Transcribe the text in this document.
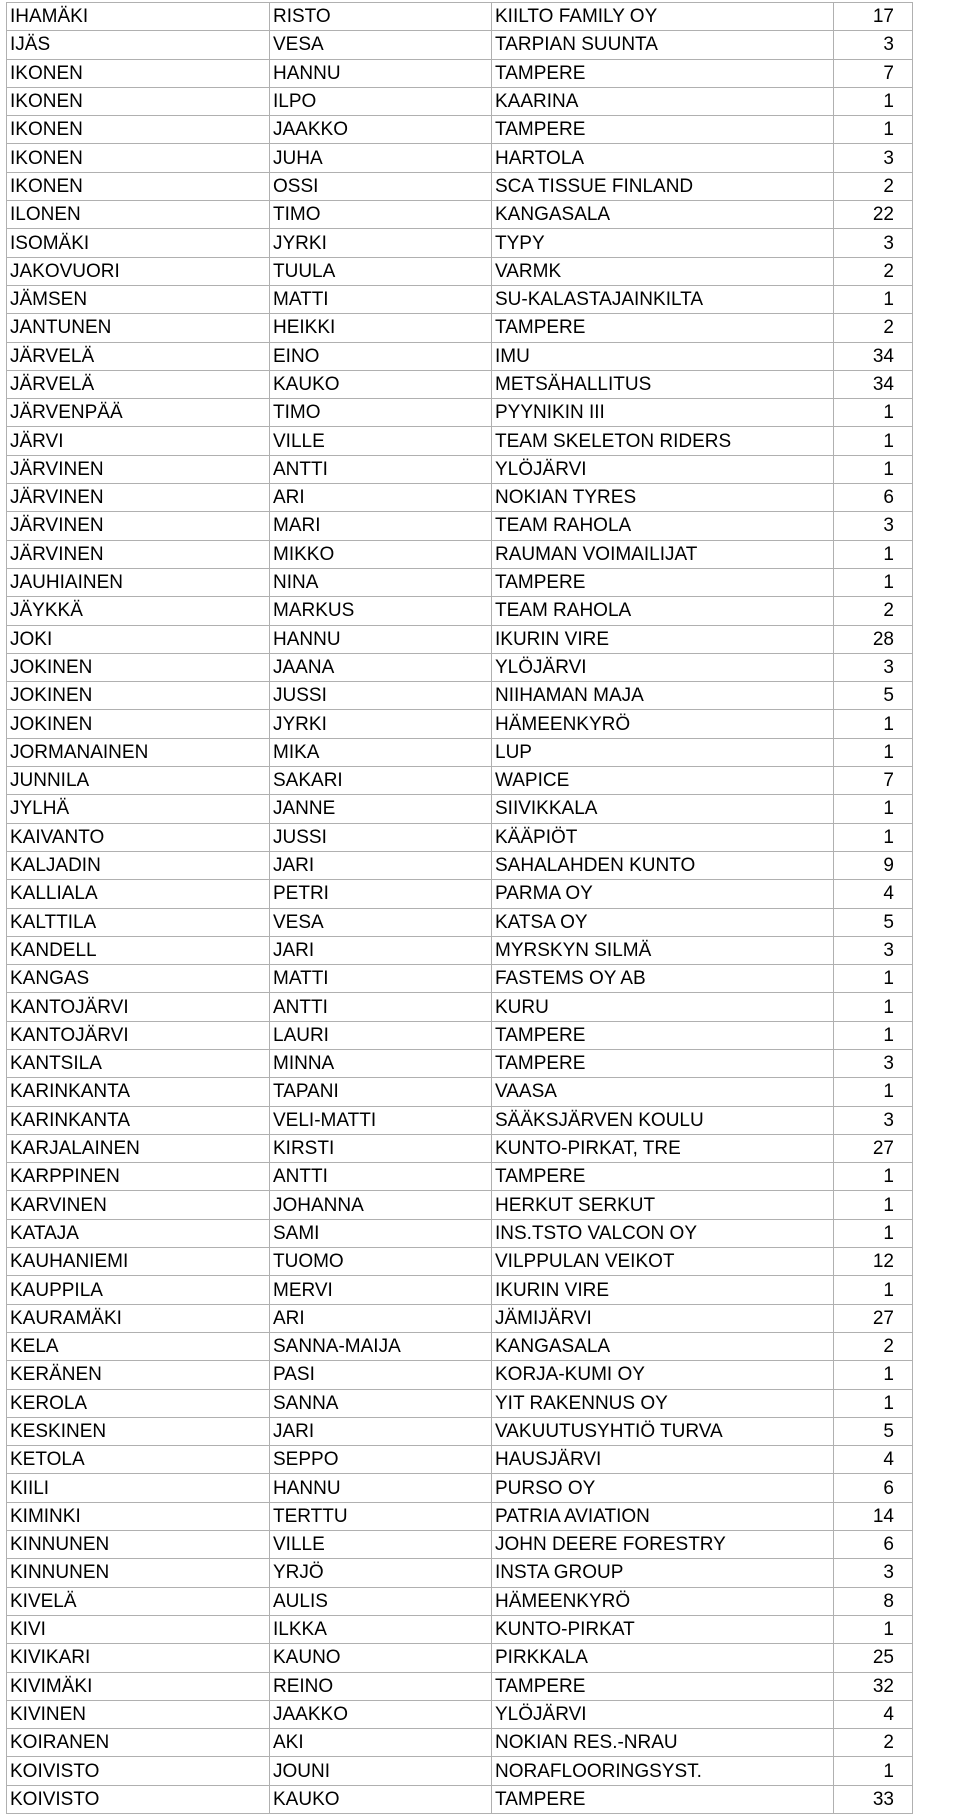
IHAMÄKI	RISTO	KIILTO FAMILY OY	17
IJÄS	VESA	TARPIAN SUUNTA	3
IKONEN	HANNU	TAMPERE	7
IKONEN	ILPO	KAARINA	1
IKONEN	JAAKKO	TAMPERE	1
IKONEN	JUHA	HARTOLA	3
IKONEN	OSSI	SCA TISSUE FINLAND	2
ILONEN	TIMO	KANGASALA	22
ISOMÄKI	JYRKI	TYPY	3
JAKOVUORI	TUULA	VARMK	2
JÄMSEN	MATTI	SU-KALASTAJAINKILTA	1
JANTUNEN	HEIKKI	TAMPERE	2
JÄRVELÄ	EINO	IMU	34
JÄRVELÄ	KAUKO	METSÄHALLITUS	34
JÄRVENPÄÄ	TIMO	PYYNIKIN III	1
JÄRVI	VILLE	TEAM SKELETON RIDERS	1
JÄRVINEN	ANTTI	YLÖJÄRVI	1
JÄRVINEN	ARI	NOKIAN TYRES	6
JÄRVINEN	MARI	TEAM RAHOLA	3
JÄRVINEN	MIKKO	RAUMAN VOIMAILIJAT	1
JAUHIAINEN	NINA	TAMPERE	1
JÄYKKÄ	MARKUS	TEAM RAHOLA	2
JOKI	HANNU	IKURIN VIRE	28
JOKINEN	JAANA	YLÖJÄRVI	3
JOKINEN	JUSSI	NIIHAMAN MAJA	5
JOKINEN	JYRKI	HÄMEENKYRÖ	1
JORMANAINEN	MIKA	LUP	1
JUNNILA	SAKARI	WAPICE	7
JYLHÄ	JANNE	SIIVIKKALA	1
KAIVANTO	JUSSI	KÄÄPIÖT	1
KALJADIN	JARI	SAHALAHDEN KUNTO	9
KALLIALA	PETRI	PARMA OY	4
KALTTILA	VESA	KATSA OY	5
KANDELL	JARI	MYRSKYN SILMÄ	3
KANGAS	MATTI	FASTEMS OY AB	1
KANTOJÄRVI	ANTTI	KURU	1
KANTOJÄRVI	LAURI	TAMPERE	1
KANTSILA	MINNA	TAMPERE	3
KARINKANTA	TAPANI	VAASA	1
KARINKANTA	VELI-MATTI	SÄÄKSJÄRVEN KOULU	3
KARJALAINEN	KIRSTI	KUNTO-PIRKAT, TRE	27
KARPPINEN	ANTTI	TAMPERE	1
KARVINEN	JOHANNA	HERKUT SERKUT	1
KATAJA	SAMI	INS.TSTO VALCON OY	1
KAUHANIEMI	TUOMO	VILPPULAN VEIKOT	12
KAUPPILA	MERVI	IKURIN VIRE	1
KAURAMÄKI	ARI	JÄMIJÄRVI	27
KELA	SANNA-MAIJA	KANGASALA	2
KERÄNEN	PASI	KORJA-KUMI OY	1
KEROLA	SANNA	YIT RAKENNUS OY	1
KESKINEN	JARI	VAKUUTUSYHTIÖ TURVA	5
KETOLA	SEPPO	HAUSJÄRVI	4
KIILI	HANNU	PURSO OY	6
KIMINKI	TERTTU	PATRIA AVIATION	14
KINNUNEN	VILLE	JOHN DEERE FORESTRY	6
KINNUNEN	YRJÖ	INSTA GROUP	3
KIVELÄ	AULIS	HÄMEENKYRÖ	8
KIVI	ILKKA	KUNTO-PIRKAT	1
KIVIKARI	KAUNO	PIRKKALA	25
KIVIMÄKI	REINO	TAMPERE	32
KIVINEN	JAAKKO	YLÖJÄRVI	4
KOIRANEN	AKI	NOKIAN RES.-NRAU	2
KOIVISTO	JOUNI	NORAFLOORINGSYST.	1
KOIVISTO	KAUKO	TAMPERE	33
